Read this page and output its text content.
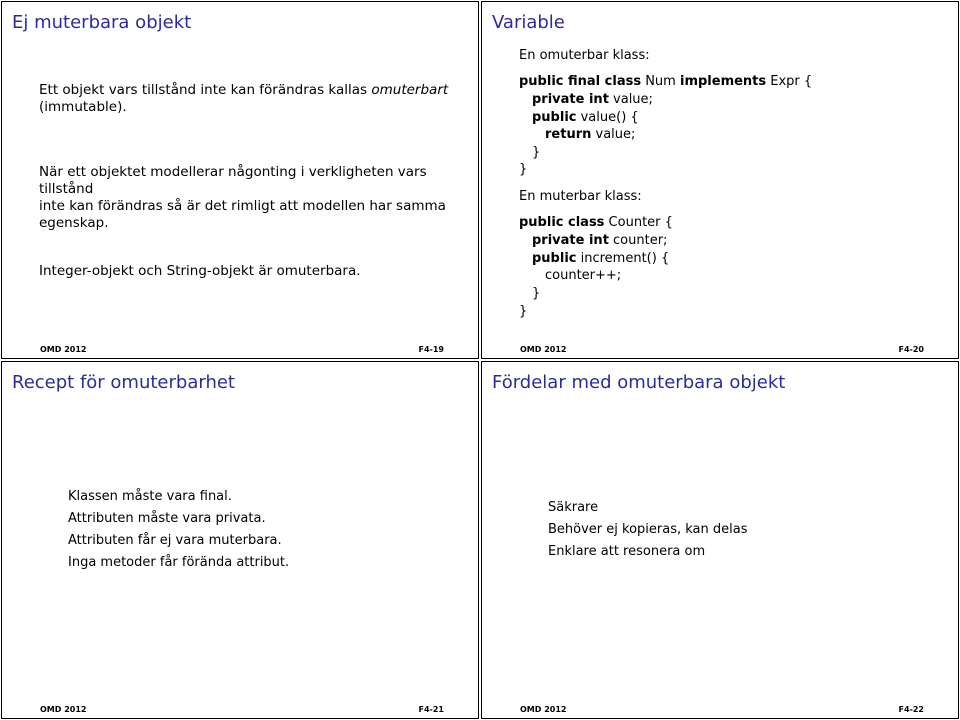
Ej muterbara objekt
Ett objekt vars tillstånd inte kan förändras kallas omuterbart
(immutable).
När ett objektet modellerar någonting i verkligheten vars tillstånd
inte kan förändras så är det rimligt att modellen har samma
egenskap.
Integer-objekt och String-objekt är omuterbara.
OMD 2012	F4-19
Variable
En omuterbar klass:
public final class Num implements Expr {
private int value;
public value() {
return value;
}
}
En muterbar klass:
public class Counter {
private int counter;
public increment() {
counter++;
}
}
OMD 2012	F4-20
Recept för omuterbarhet
Klassen måste vara final.
Attributen måste vara privata.
Attributen får ej vara muterbara.
Inga metoder får förända attribut.
OMD 2012	F4-21
Fördelar med omuterbara objekt
Säkrare
Behöver ej kopieras, kan delas
Enklare att resonera om
OMD 2012	F4-22
